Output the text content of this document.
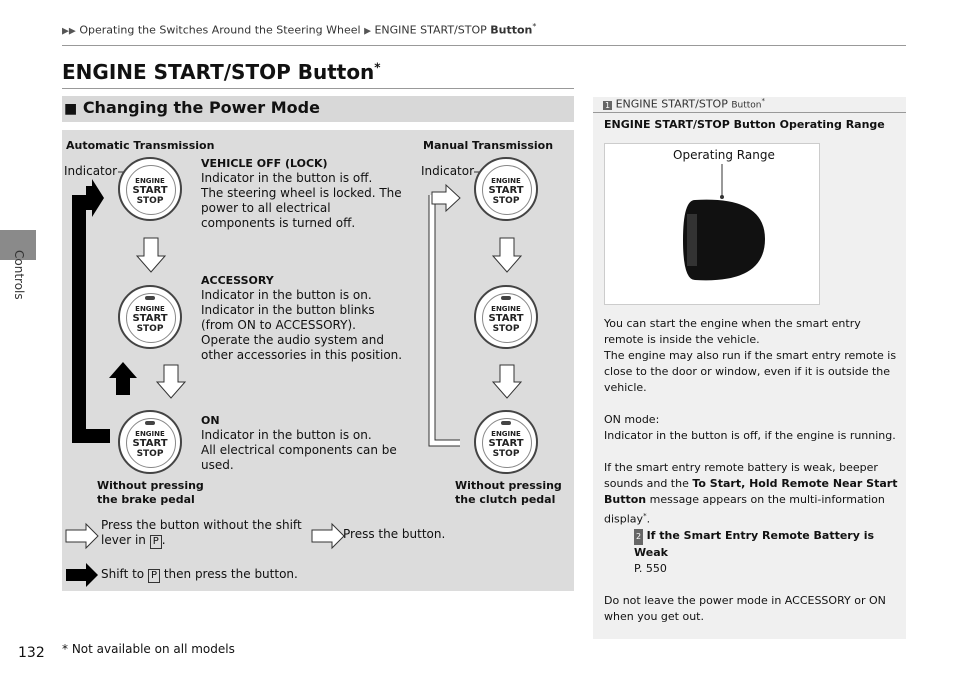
Controls
▶▶ Operating the Switches Around the Steering Wheel ▶ ENGINE START/STOP Button*
ENGINE START/STOP Button*
■ Changing the Power Mode
Automatic Transmission	Manual Transmission
Indicator	Indicator
ENGINE
START
STOP
ENGINE
START
STOP
ENGINE
START
STOP
ENGINE
START
STOP
ENGINE
START
STOP
ENGINE
START
STOP
VEHICLE OFF (LOCK)
Indicator in the button is off.
The steering wheel is locked. The
power to all electrical
components is turned off.
ACCESSORY
Indicator in the button is on.
Indicator in the button blinks
(from ON to ACCESSORY).
Operate the audio system and
other accessories in this position.
ON
Indicator in the button is on.
All electrical components can be
used.
Without pressing
the brake pedal
Without pressing
the clutch pedal
Press the button without the shift
lever in P .	Press the button.
Shift to P then press the button.
1 ENGINE START/STOP Button*
ENGINE START/STOP Button Operating Range
Operating Range

You can start the engine when the smart entry remote is inside the vehicle.
The engine may also run if the smart entry remote is close to the door or window, even if it is outside the vehicle.

ON mode:
Indicator in the button is off, if the engine is running.

If the smart entry remote battery is weak, beeper sounds and the To Start, Hold Remote Near Start Button message appears on the multi-information display*.

2 If the Smart Entry Remote Battery is Weak
P. 550

Do not leave the power mode in ACCESSORY or ON when you get out.

132 * Not available on all models
